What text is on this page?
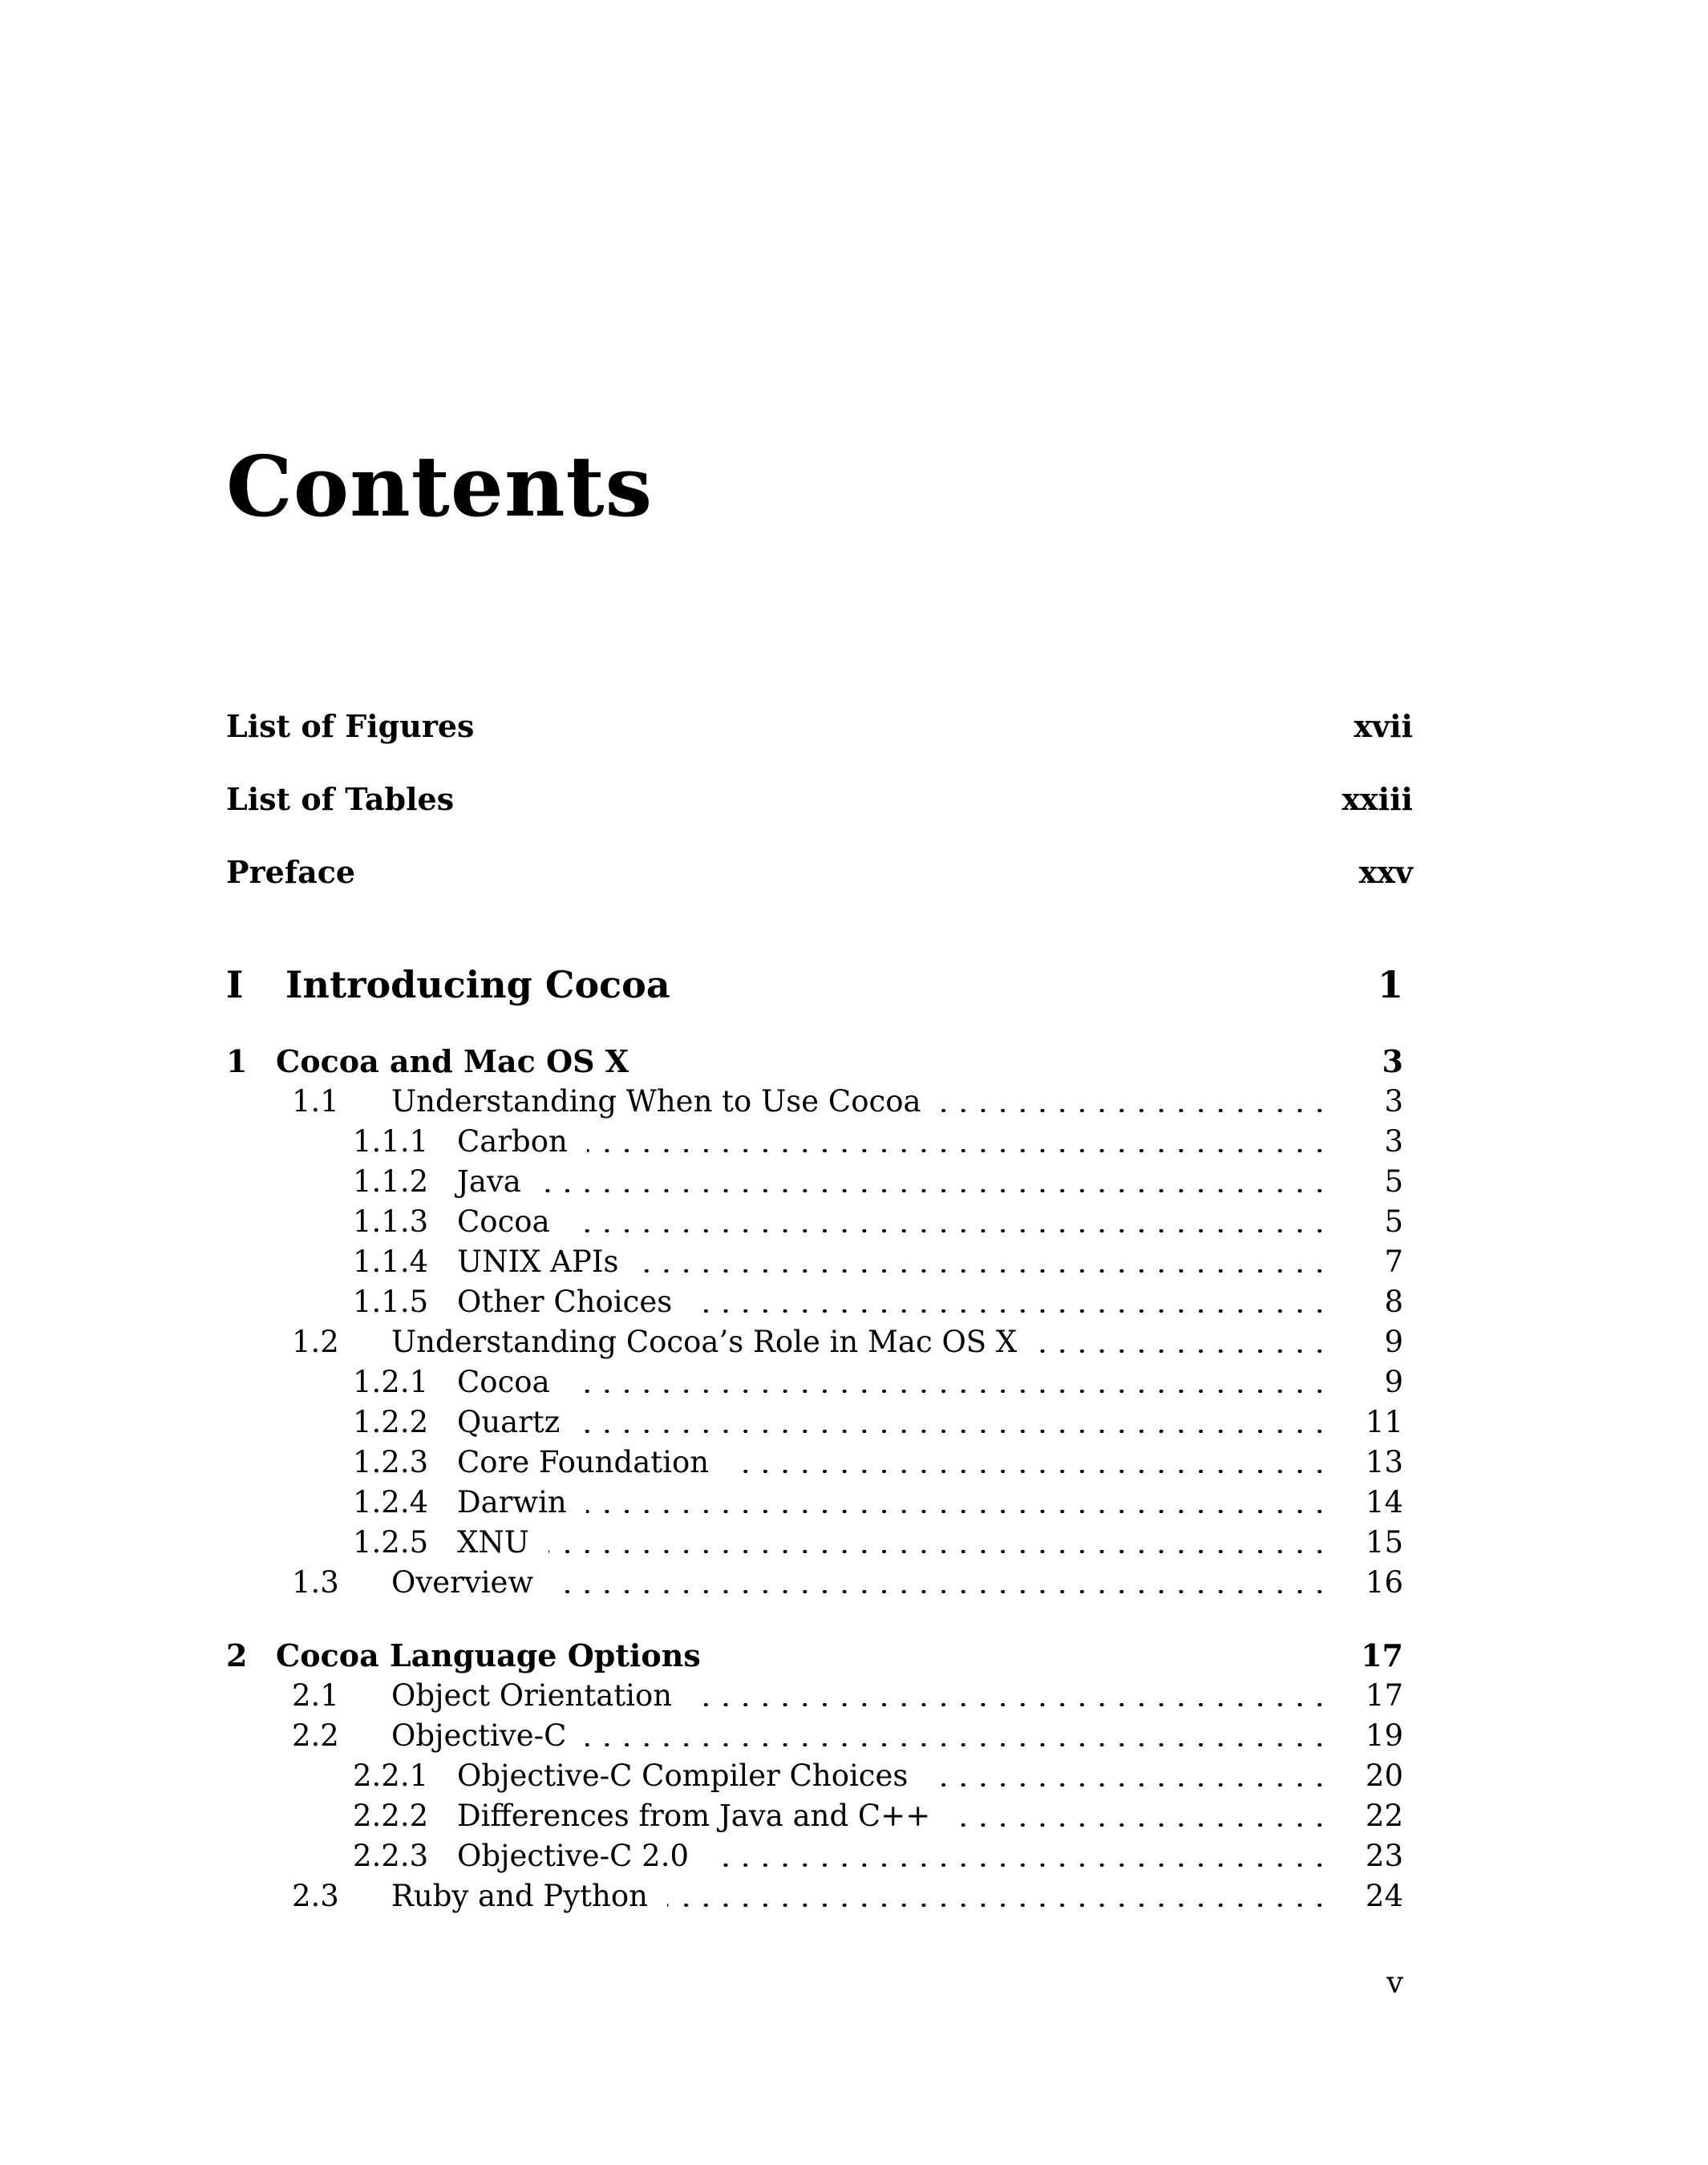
Contents
List of Figures	xvii
List of Tables	xxiii
Preface	xxv
I Introducing Cocoa	1
1 Cocoa and Mac OS X	3
1.1 Understanding When to Use Cocoa	3
1.1.1 Carbon	3
1.1.2 Java	5
1.1.3 Cocoa	5
1.1.4 UNIX APIs	7
1.1.5 Other Choices	8
1.2 Understanding Cocoa’s Role in Mac OS X	9
1.2.1 Cocoa	9
1.2.2 Quartz	11
1.2.3 Core Foundation	13
1.2.4 Darwin	14
1.2.5 XNU	15
1.3 Overview	16
2 Cocoa Language Options	17
2.1 Object Orientation	17
2.2 Objective-C	19
2.2.1 Objective-C Compiler Choices	20
2.2.2 Differences from Java and C++	22
2.2.3 Objective-C 2.0	23
2.3 Ruby and Python	24
v
